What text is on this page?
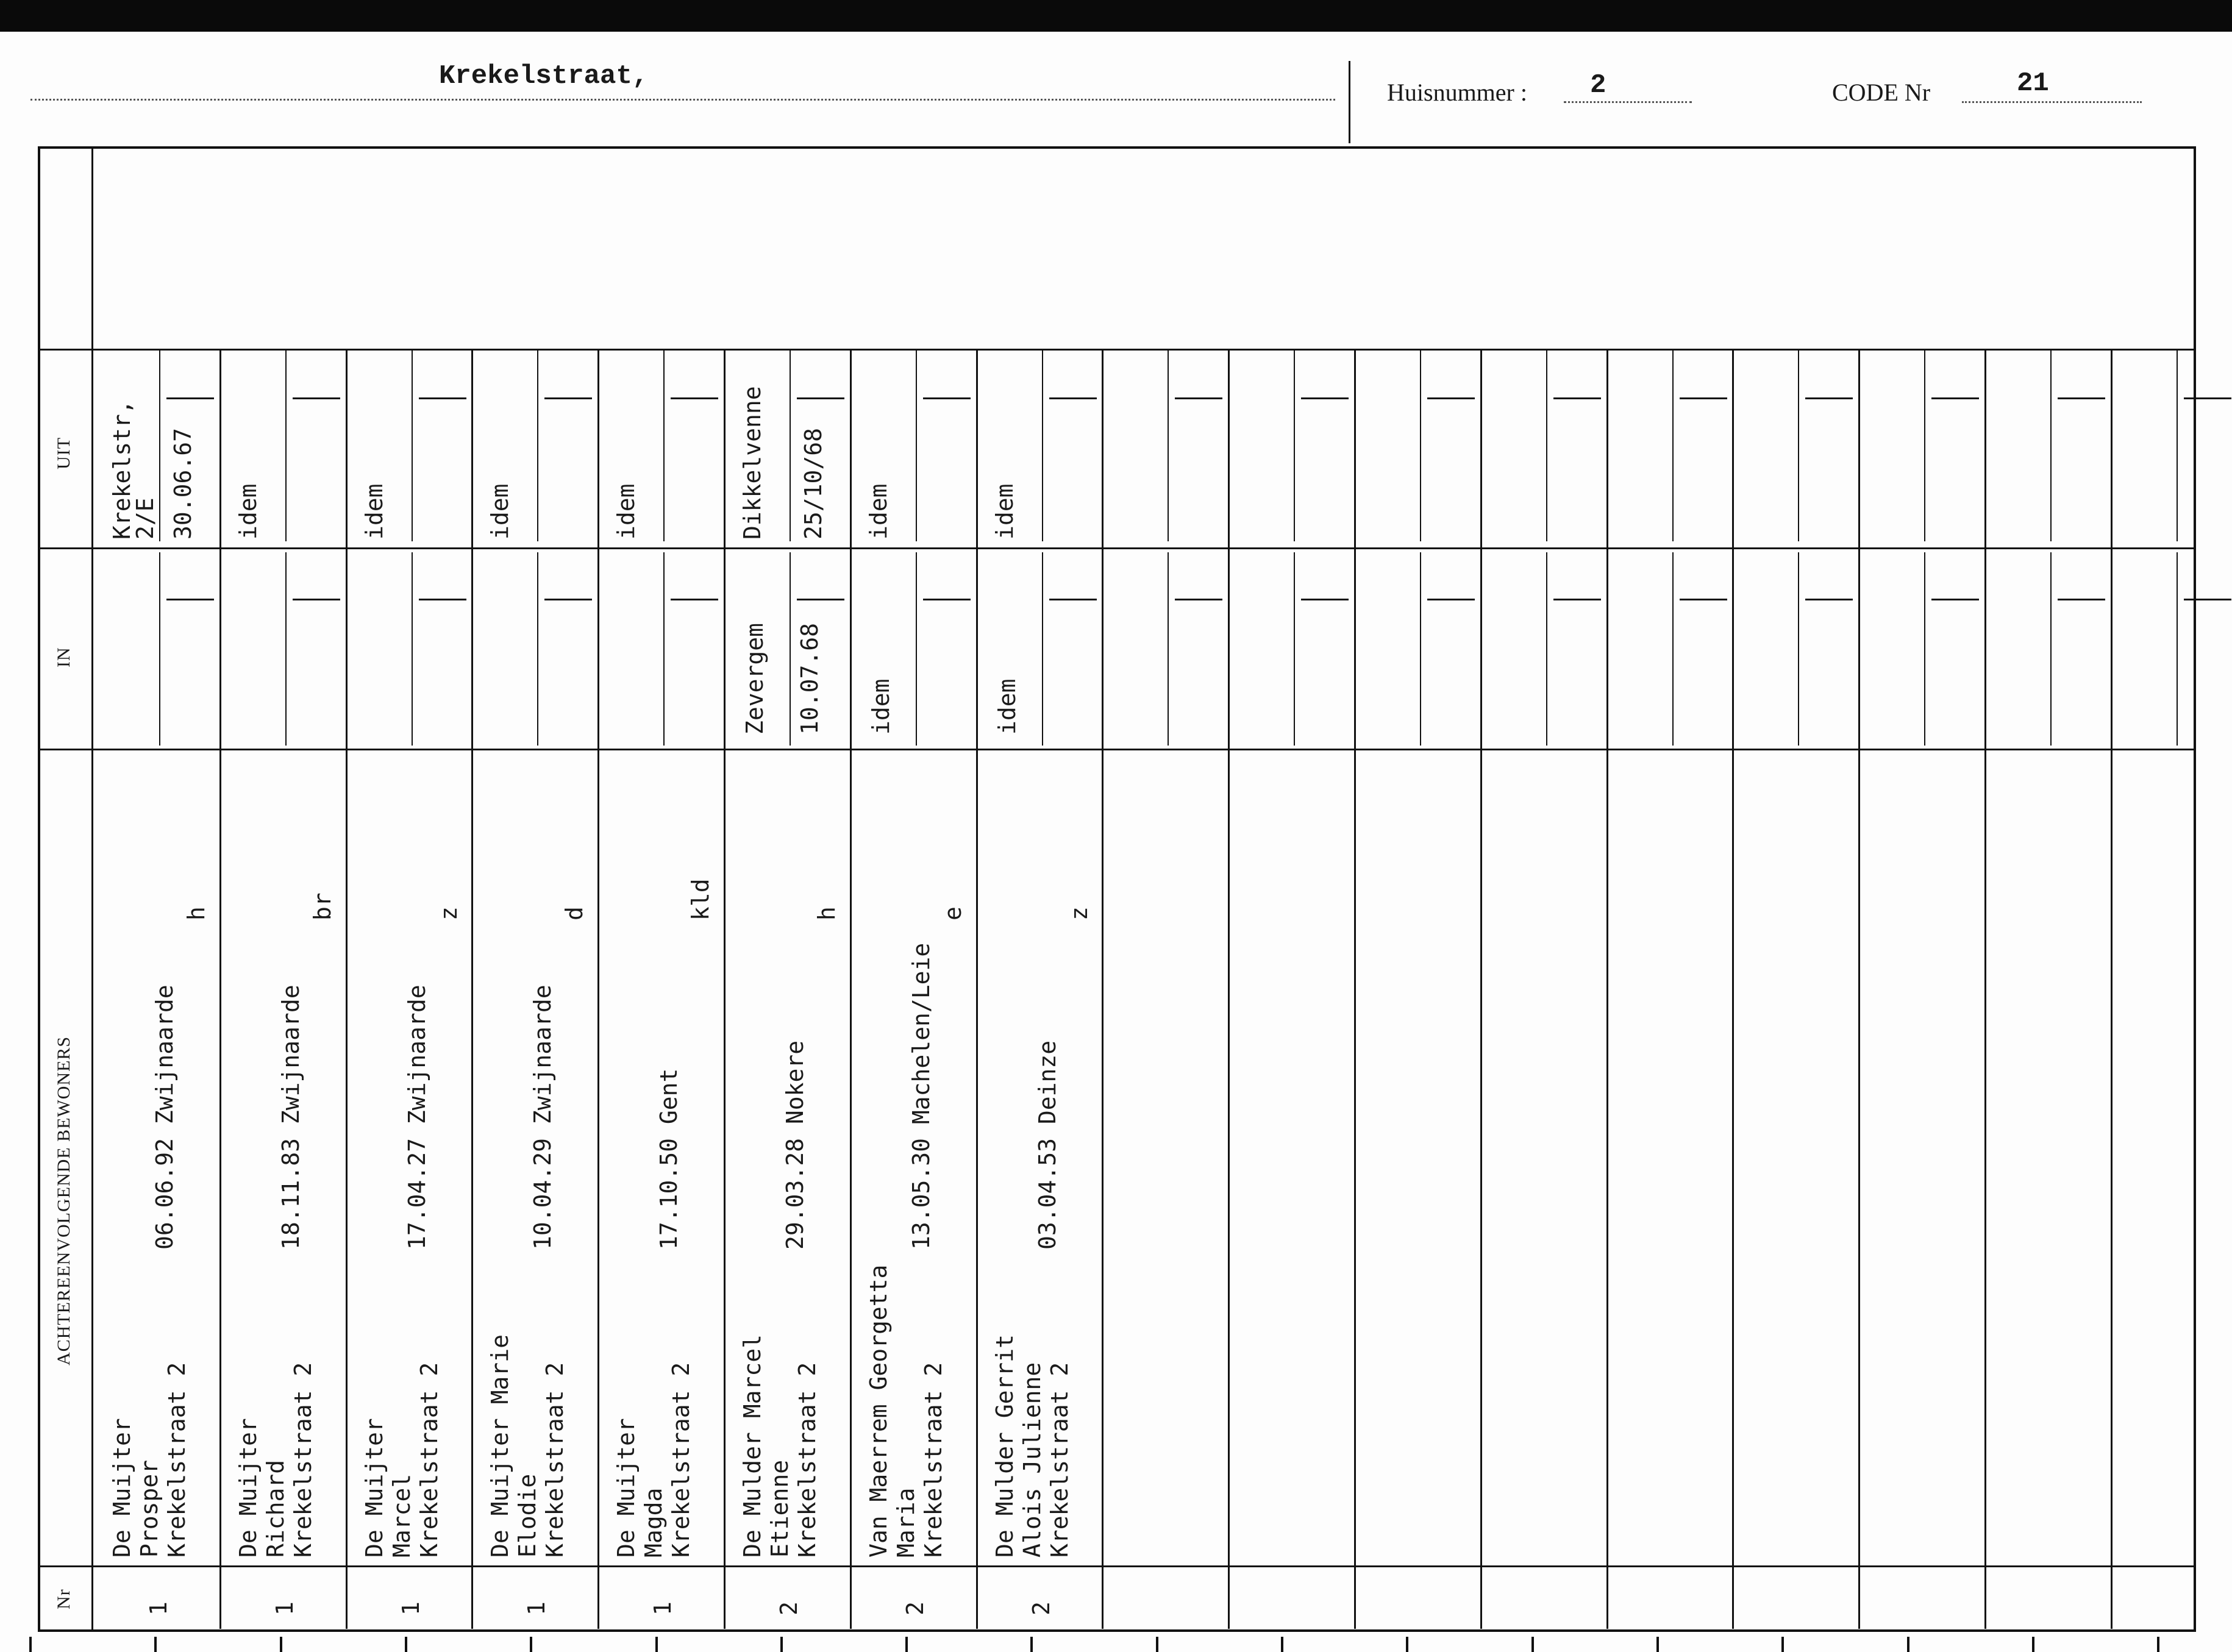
Krekelstraat,
Huisnummer : 2	CODE Nr	21
UIT
IN
ACHTEREENVOLGENDE BEWONERS
Nr
De Muijter Prosper Krekelstraat 2
06.06.92 Zwijnaarde
h
1
Krekelstr, 2/E 30.06.67
De Muijter Richard Krekelstraat 2
18.11.83 Zwijnaarde
br
1
idem
De Muijter Marcel Krekelstraat 2
17.04.27 Zwijnaarde
z
1
idem
De Muijter Marie Elodie Krekelstraat 2
10.04.29 Zwijnaarde
d
1
idem
De Muijter Magda Krekelstraat 2
17.10.50 Gent
kld
1
idem
De Mulder Marcel Etienne Krekelstraat 2
29.03.28 Nokere
h
2
Zevergem 10.07.68
Dikkelvenne 25/10/68
Van Maerrem Georgetta Maria Krekelstraat 2
13.05.30 Machelen/Leie
e
2
idem
idem
De Mulder Gerrit Alois Julienne Krekelstraat 2
03.04.53 Deinze
z
2
idem
idem
